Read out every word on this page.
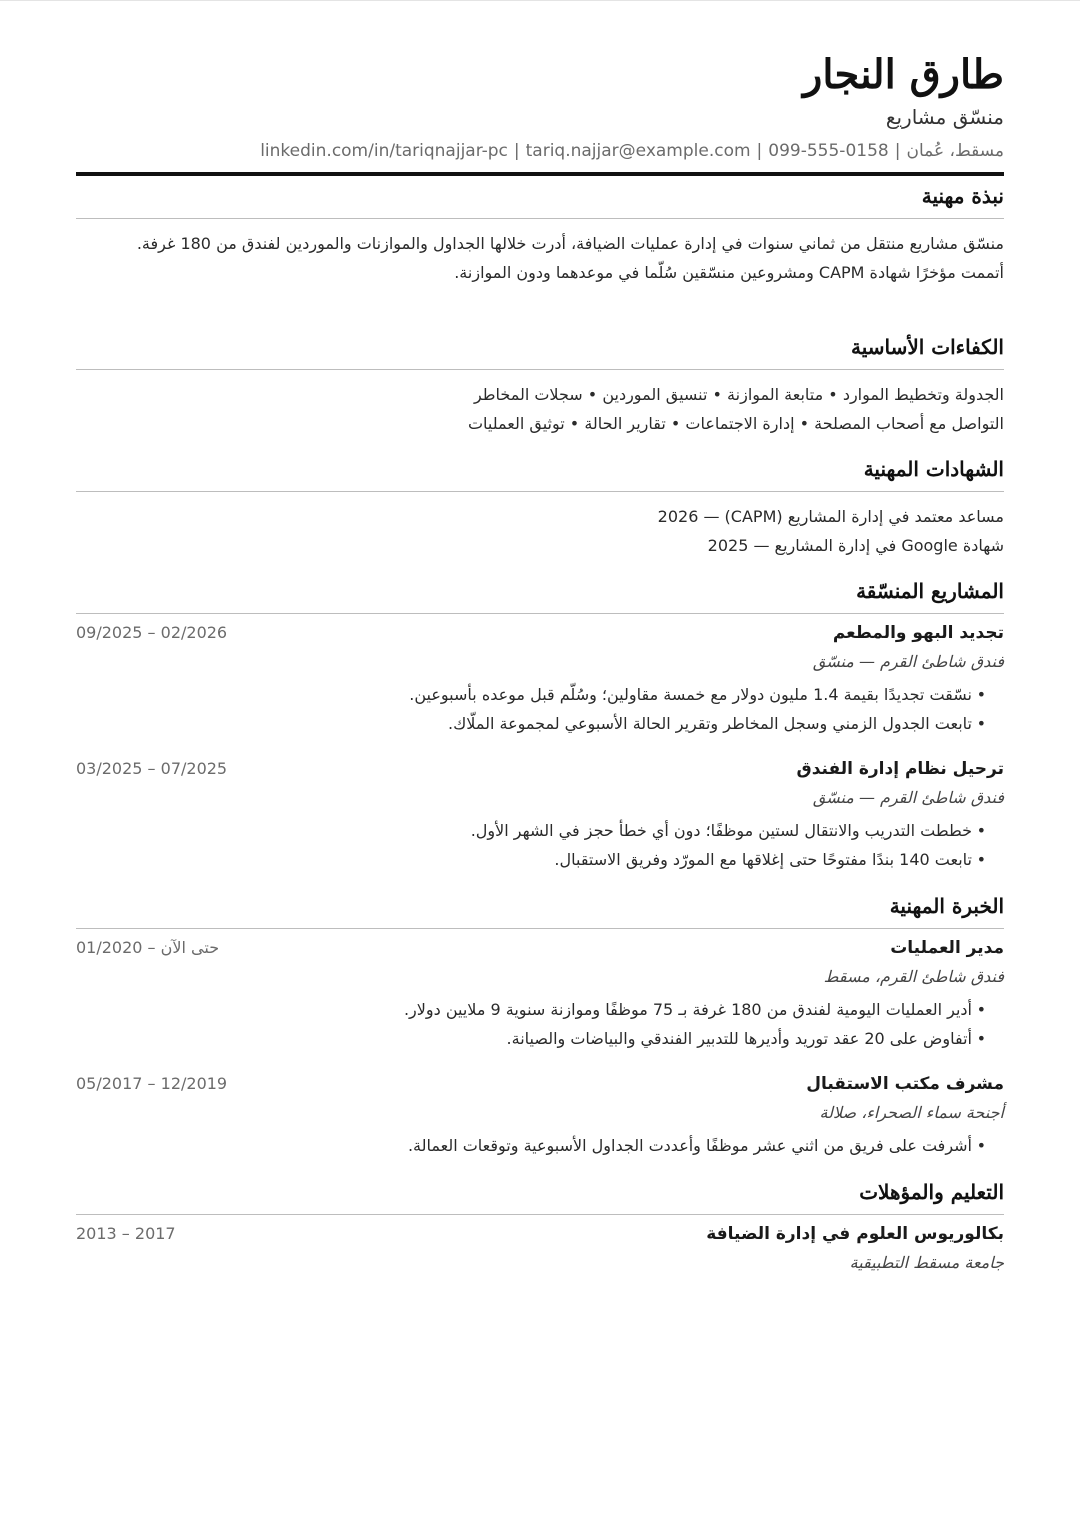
طارق النجار
منسّق مشاريع
مسقط، عُمان|linkedin.com/in/tariqnajjar-pc | tariq.najjar@example.com | 099-555-0158
نبذة مهنية
منسّق مشاريع منتقل من ثماني سنوات في إدارة عمليات الضيافة، أدرت خلالها الجداول والموازنات والموردين لفندق من 180 غرفة.
أتممت مؤخرًا شهادة CAPM ومشروعين منسّقين سُلّما في موعدهما ودون الموازنة.
الكفاءات الأساسية
الجدولة وتخطيط الموارد • متابعة الموازنة • تنسيق الموردين • سجلات المخاطر
التواصل مع أصحاب المصلحة • إدارة الاجتماعات • تقارير الحالة • توثيق العمليات
الشهادات المهنية
مساعد معتمد في إدارة المشاريع (CAPM) — 2026
شهادة Google في إدارة المشاريع — 2025
المشاريع المنسّقة
تجديد البهو والمطعم
09/2025 – 02/2026
فندق شاطئ القرم — منسّق
• نسّقت تجديدًا بقيمة 1.4 مليون دولار مع خمسة مقاولين؛ وسُلّم قبل موعده بأسبوعين.
• تابعت الجدول الزمني وسجل المخاطر وتقرير الحالة الأسبوعي لمجموعة الملّاك.
ترحيل نظام إدارة الفندق
03/2025 – 07/2025
فندق شاطئ القرم — منسّق
• خططت التدريب والانتقال لستين موظفًا؛ دون أي خطأ حجز في الشهر الأول.
• تابعت 140 بندًا مفتوحًا حتى إغلاقها مع المورّد وفريق الاستقبال.
الخبرة المهنية
مدير العمليات
01/2020 – حتى الآن
فندق شاطئ القرم، مسقط
• أدير العمليات اليومية لفندق من 180 غرفة بـ 75 موظفًا وموازنة سنوية 9 ملايين دولار.
• أتفاوض على 20 عقد توريد وأديرها للتدبير الفندقي والبياضات والصيانة.
مشرف مكتب الاستقبال
05/2017 – 12/2019
أجنحة سماء الصحراء، صلالة
• أشرفت على فريق من اثني عشر موظفًا وأعددت الجداول الأسبوعية وتوقعات العمالة.
التعليم والمؤهلات
بكالوريوس العلوم في إدارة الضيافة
2013 – 2017
جامعة مسقط التطبيقية
